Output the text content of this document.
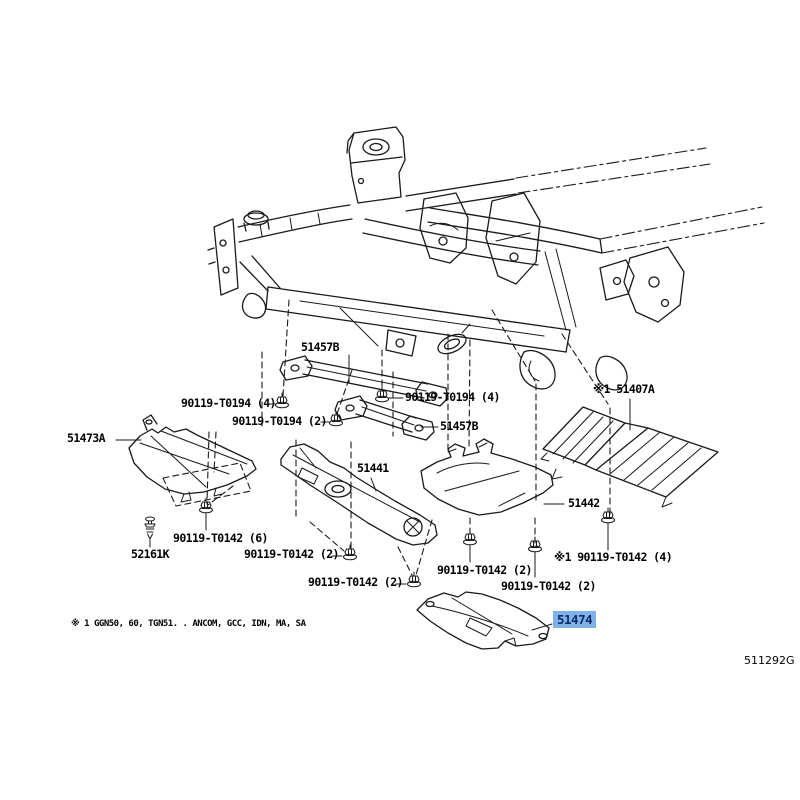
51457B
90119-T0194 (4)
90119-T0194 (2)
90119-T0194 (4)
51457B
※1 51407A
51473A
51441
51442
52161K
90119-T0142 (6)
90119-T0142 (2)
90119-T0142 (2)
90119-T0142 (2)
90119-T0142 (2)
※1 90119-T0142 (4)
51474
※ 1 GGN50, 60, TGN51. . ANCOM, GCC, IDN, MA, SA
511292G
